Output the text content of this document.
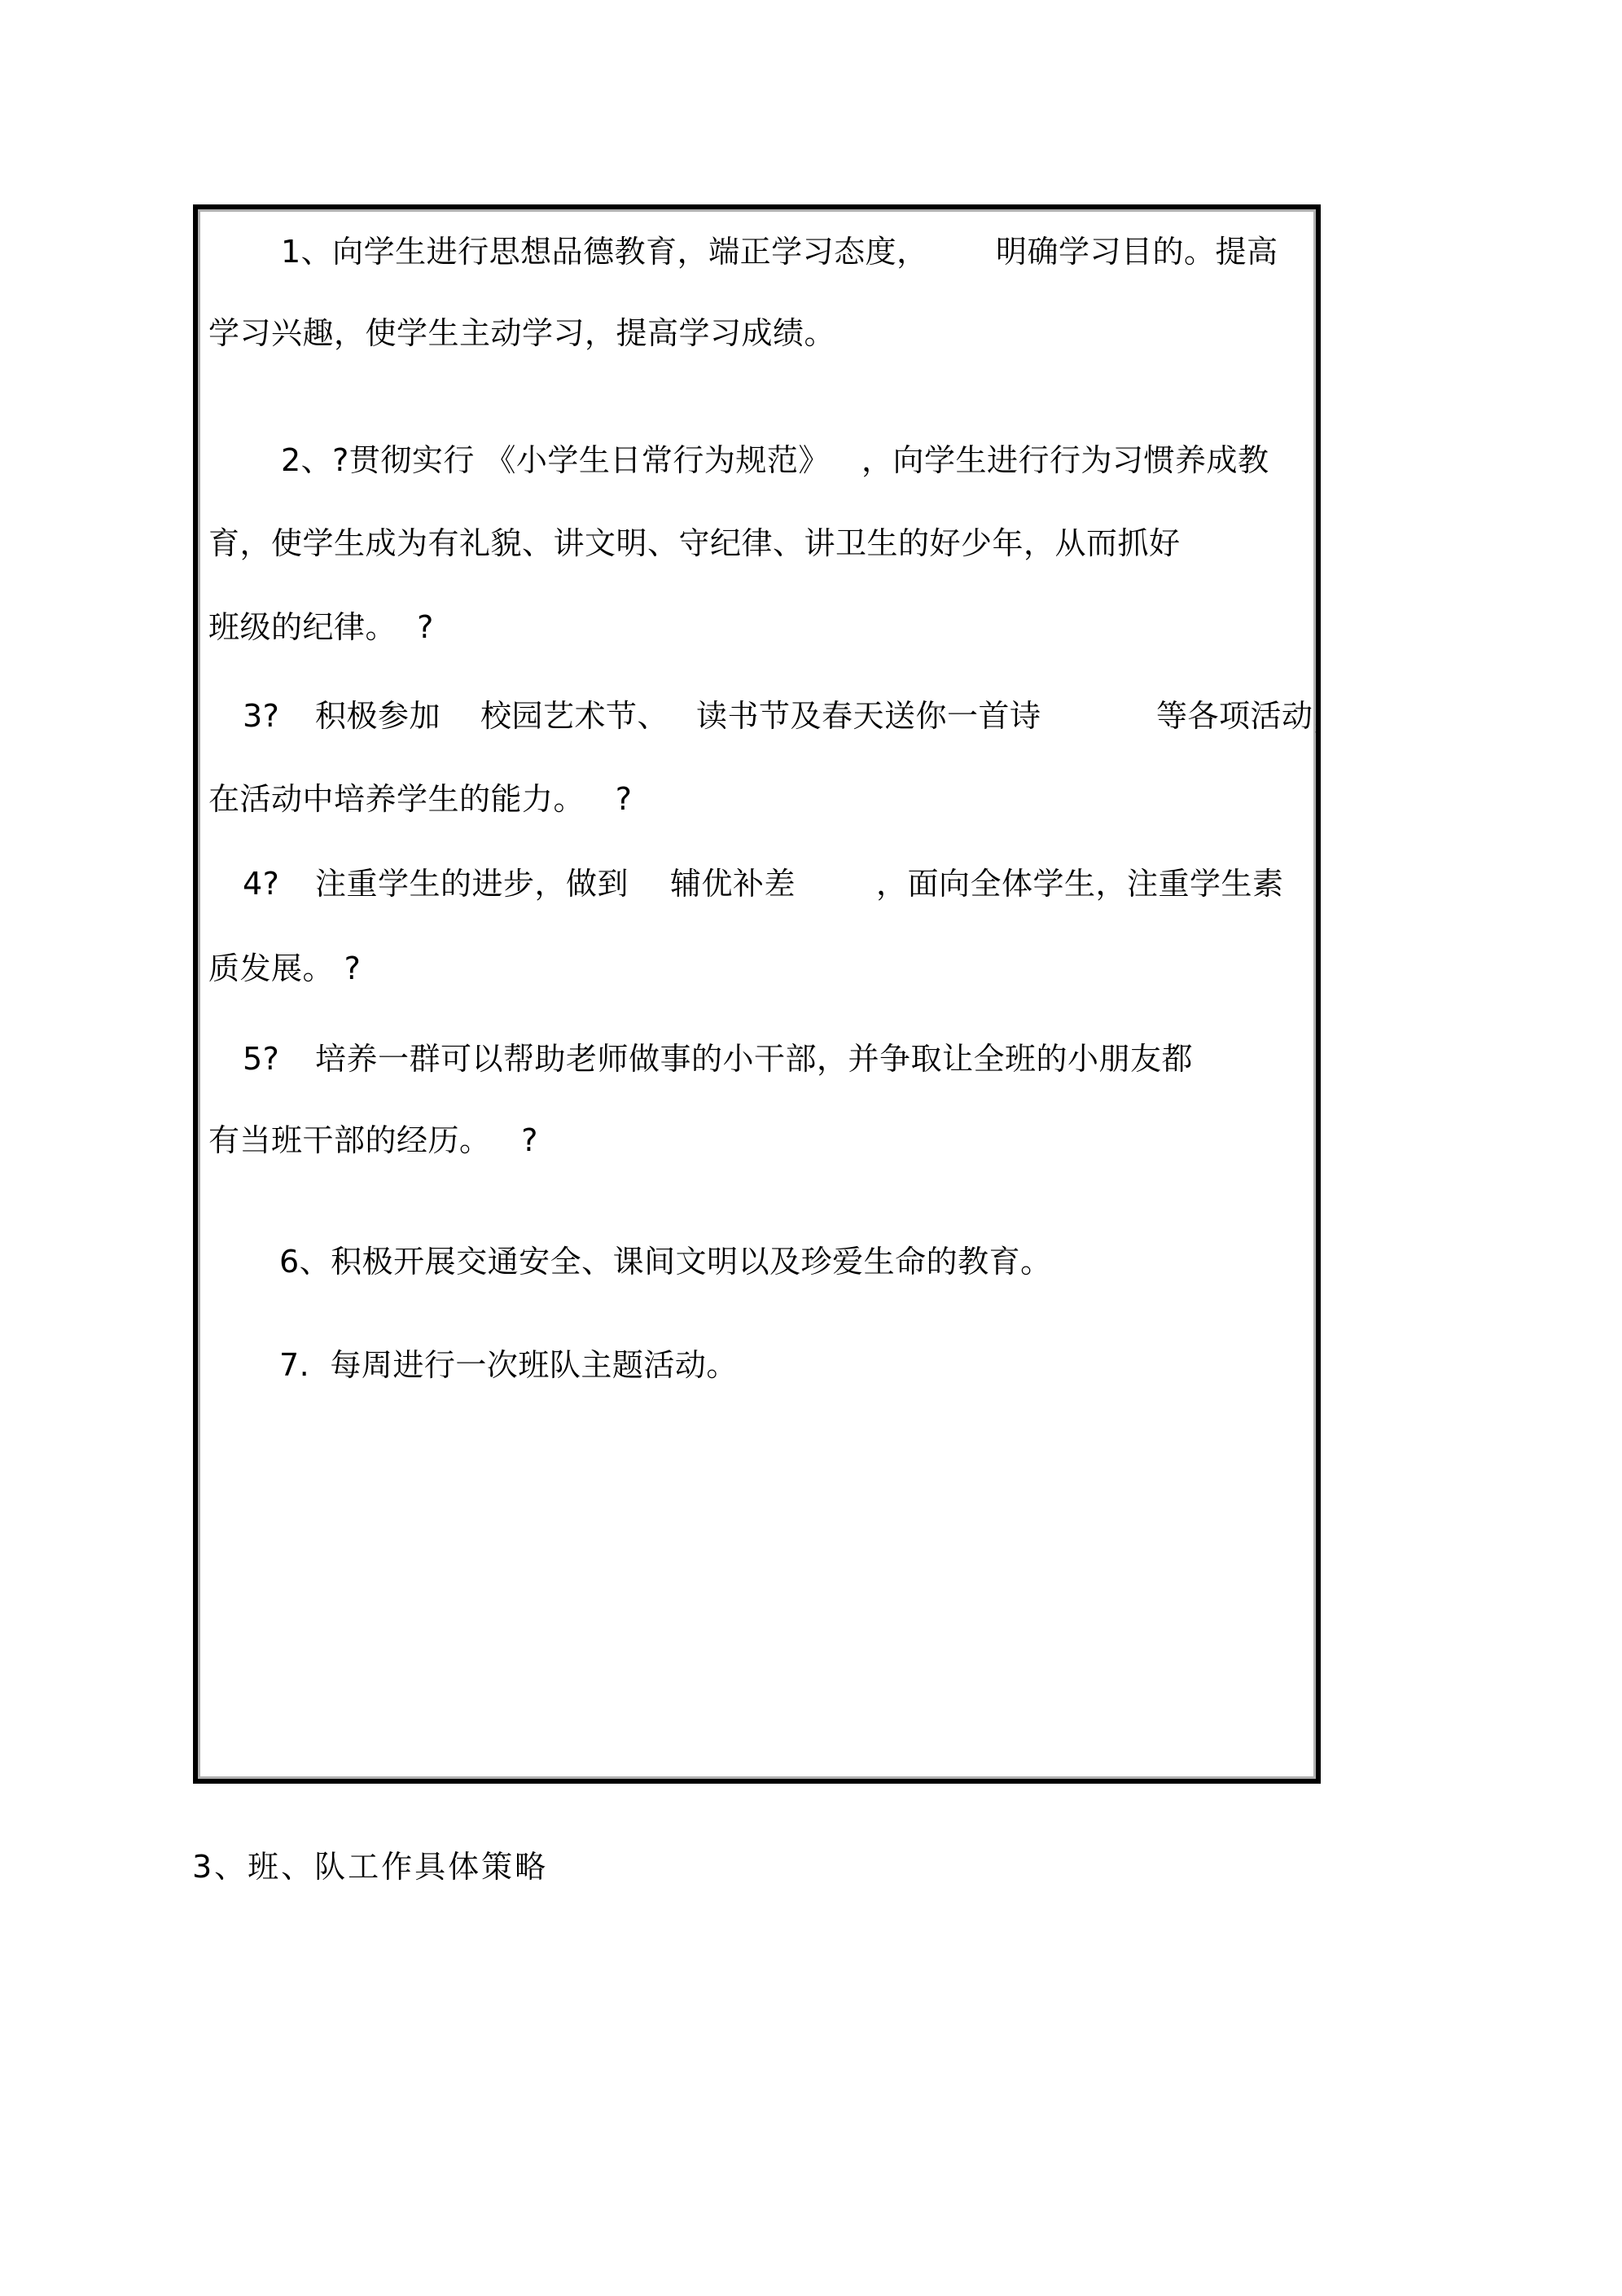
1、向学生进行思想品德教育，端正学习态度， 明确学习目的。提高
学习兴趣，使学生主动学习，提高学习成绩。
2、?贯彻实行 《小学生日常行为规范》 ，向学生进行行为习惯养成教
育，使学生成为有礼貌、讲文明、守纪律、讲卫生的好少年，从而抓好
班级的纪律。  ?
3? 积极参加 校园艺术节、 读书节及春天送你一首诗	等各项活动，
在活动中培养学生的能力。   ?
4? 注重学生的进步，做到 辅优补差	，面向全体学生，注重学生素
质发展。 ?
5? 培养一群可以帮助老师做事的小干部，并争取让全班的小朋友都
有当班干部的经历。   ?
6、积极开展交通安全、课间文明以及珍爱生命的教育。
7.  每周进行一次班队主题活动。
3、班、队工作具体策略
